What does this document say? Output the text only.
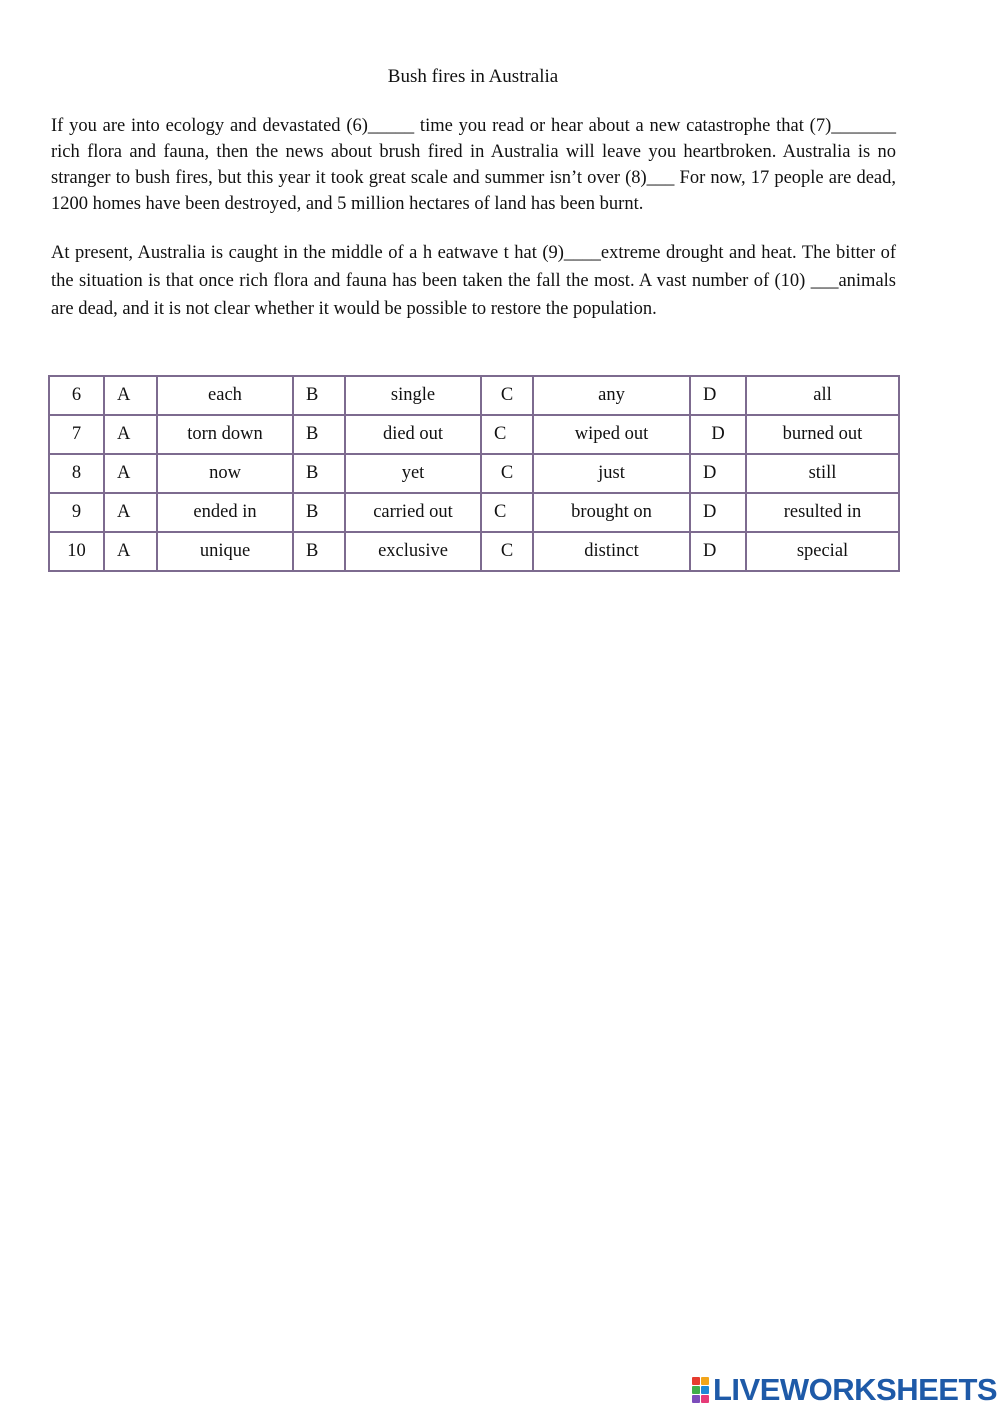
Bush fires in Australia

If you are into ecology and devastated (6)_____ time you read or hear about a new catastrophe that (7)_______ rich flora and fauna, then the news about brush fired in Australia will leave you heartbroken. Australia is no stranger to bush fires, but this year it took great scale and summer isn’t over (8)___ For now, 17 people are dead, 1200 homes have been destroyed, and 5 million hectares of land has been burnt.

At present, Australia is caught in the middle of a h eatwave t hat (9)____extreme drought and heat. The bitter of the situation is that once rich flora and fauna has been taken the fall the most. A vast number of (10) ___animals are dead, and it is not clear whether it would be possible to restore the population.

6	A	each	B	single	C	any	D	all
7	A	torn down	B	died out	C	wiped out	D	burned out
8	A	now	B	yet	C	just	D	still
9	A	ended in	B	carried out	C	brought on	D	resulted in
10	A	unique	B	exclusive	C	distinct	D	special
LIVEWORKSHEETS
